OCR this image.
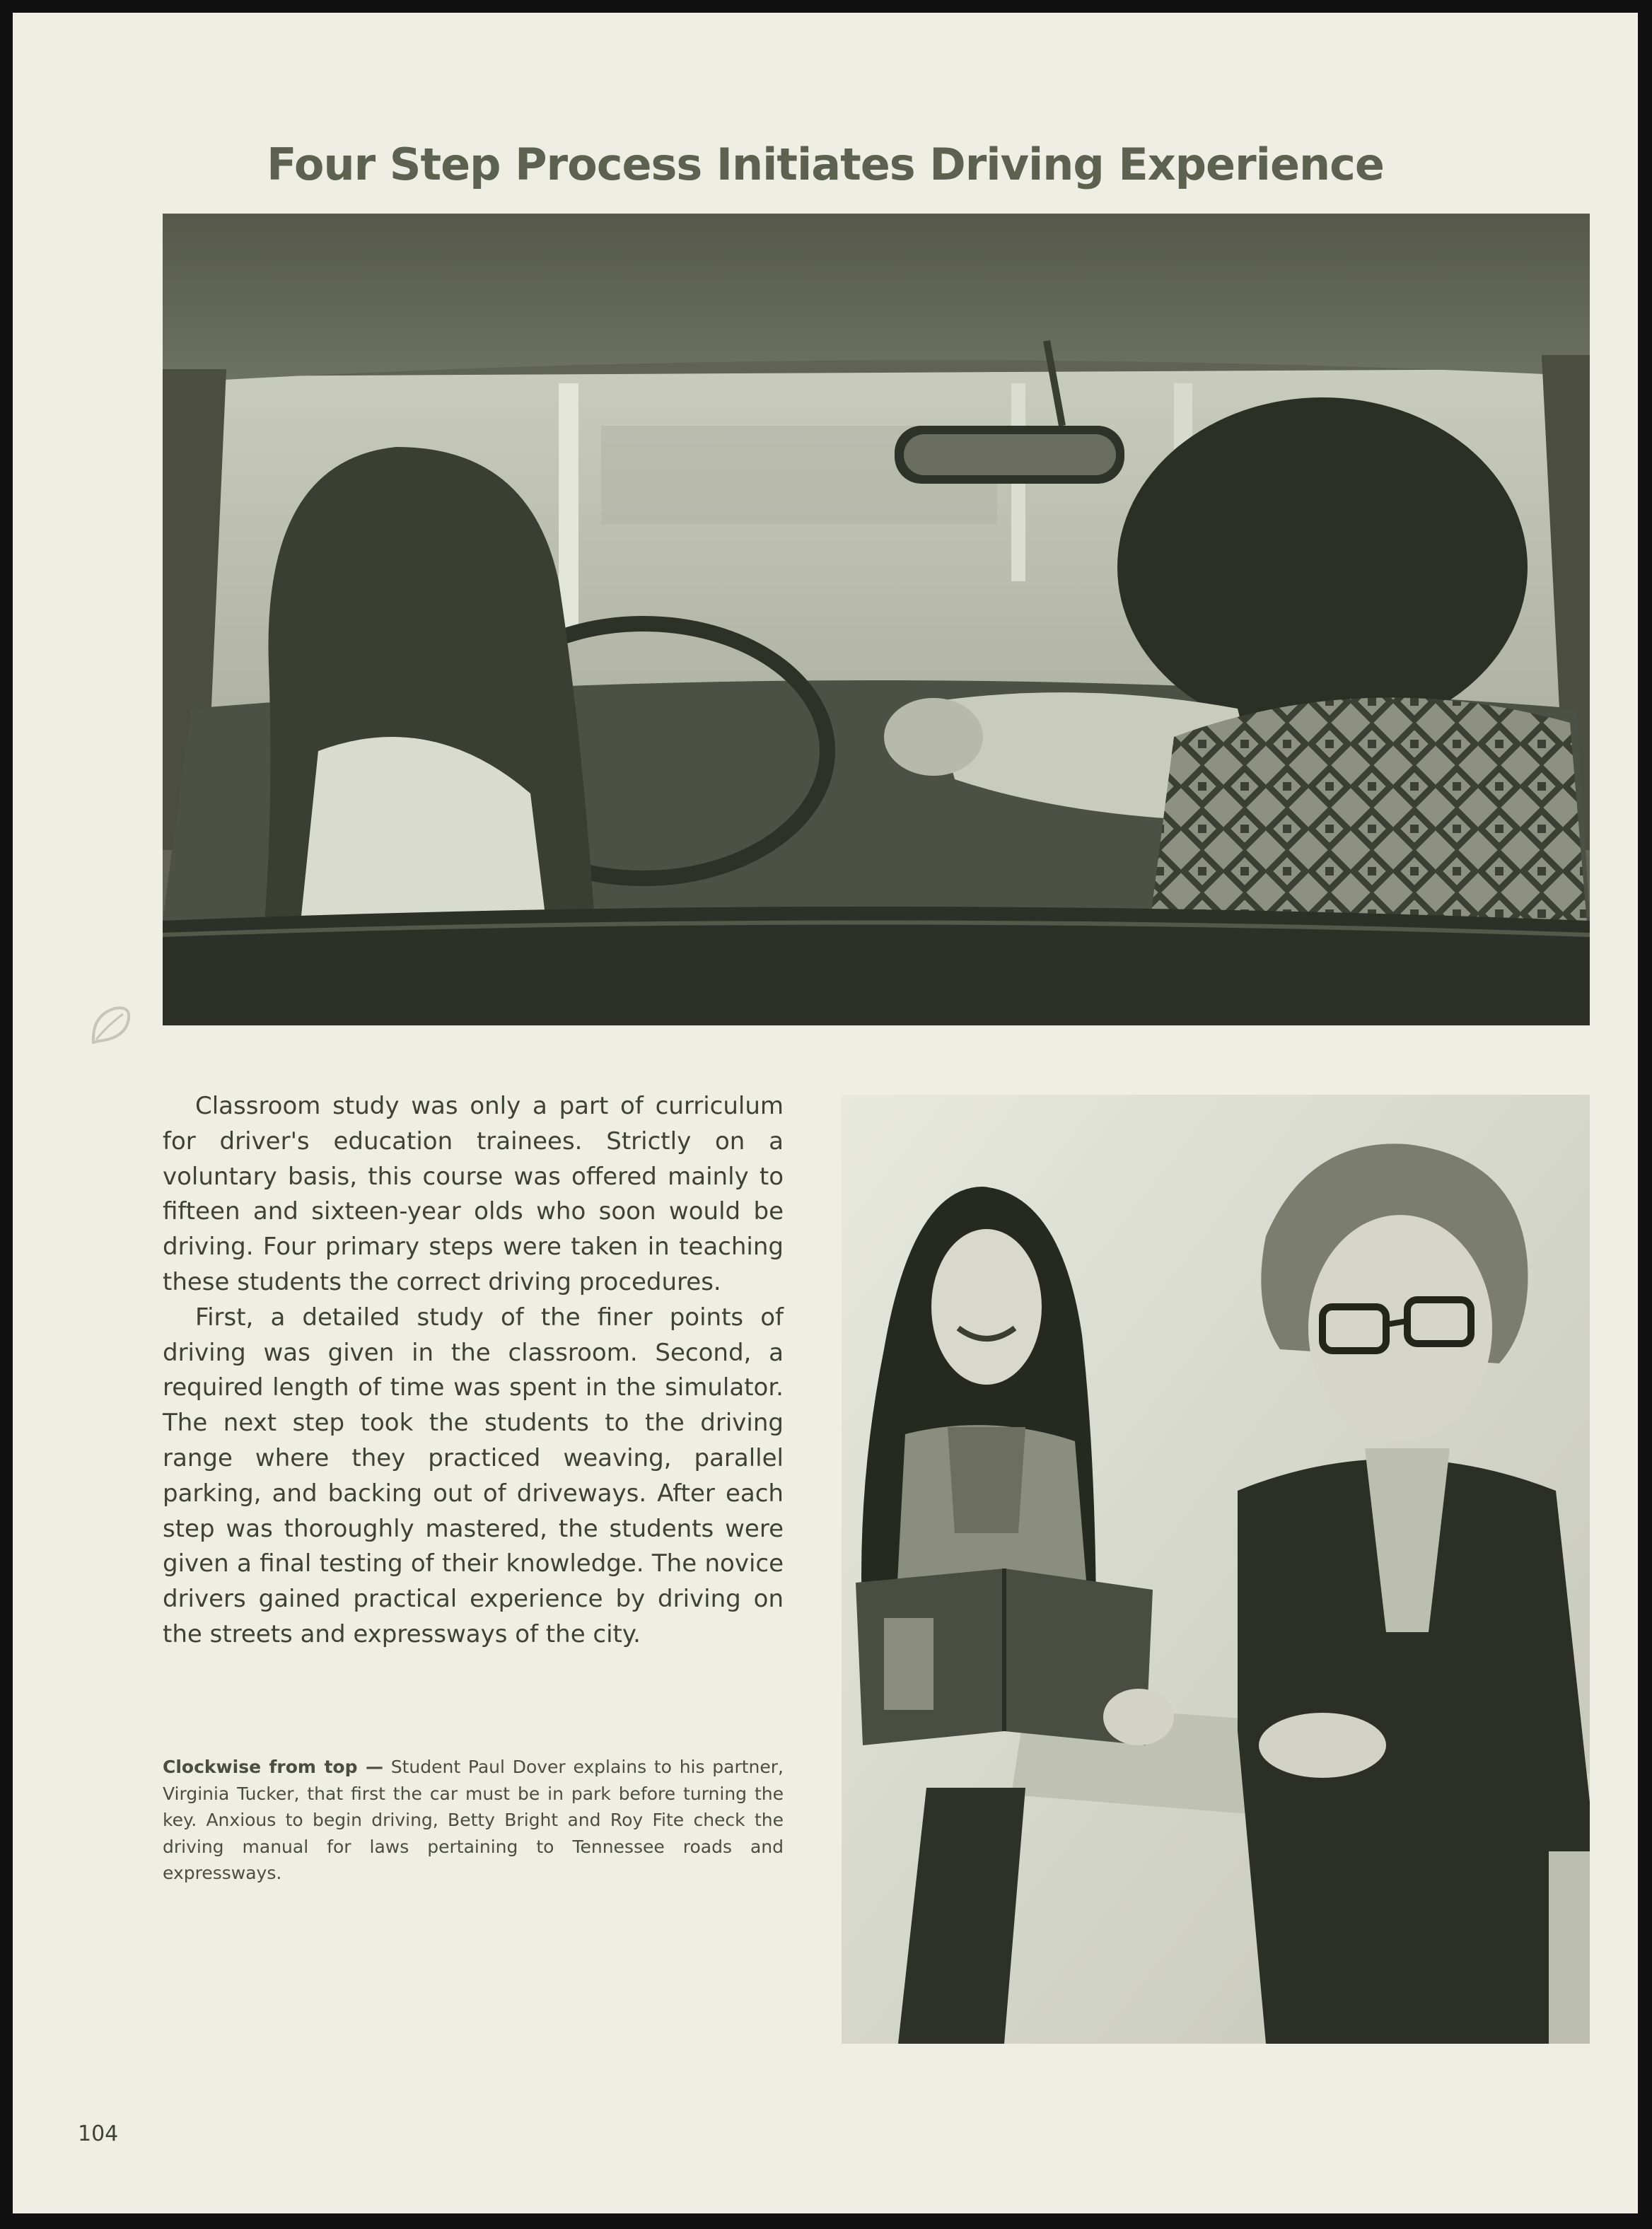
Four Step Process Initiates Driving Experience

Classroom study was only a part of curriculum for driver's education trainees. Strictly on a voluntary basis, this course was offered mainly to fifteen and sixteen-year olds who soon would be driving. Four primary steps were taken in teaching these students the correct driving procedures.

First, a detailed study of the finer points of driving was given in the classroom. Second, a required length of time was spent in the simulator. The next step took the students to the driving range where they practiced weaving, parallel parking, and backing out of driveways. After each step was thoroughly mastered, the students were given a final testing of their knowledge. The novice drivers gained practical experience by driving on the streets and expressways of the city.

Clockwise from top — Student Paul Dover explains to his partner, Virginia Tucker, that first the car must be in park before turning the key. Anxious to begin driving, Betty Bright and Roy Fite check the driving manual for laws pertaining to Tennessee roads and expressways.
104
